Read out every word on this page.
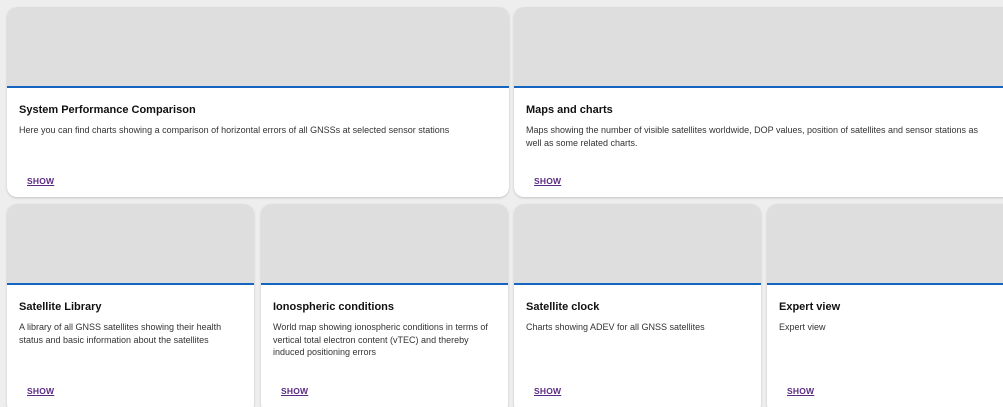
System Performance Comparison
Here you can find charts showing a comparison of horizontal errors of all GNSSs at selected sensor stations
SHOW
Maps and charts
Maps showing the number of visible satellites worldwide, DOP values, position of satellites and sensor stations as well as some related charts.
SHOW
Satellite Library
A library of all GNSS satellites showing their health status and basic information about the satellites
SHOW
Ionospheric conditions
World map showing ionospheric conditions in terms of vertical total electron content (vTEC) and thereby induced positioning errors
SHOW
Satellite clock
Charts showing ADEV for all GNSS satellites
SHOW
Expert view
Expert view
SHOW
